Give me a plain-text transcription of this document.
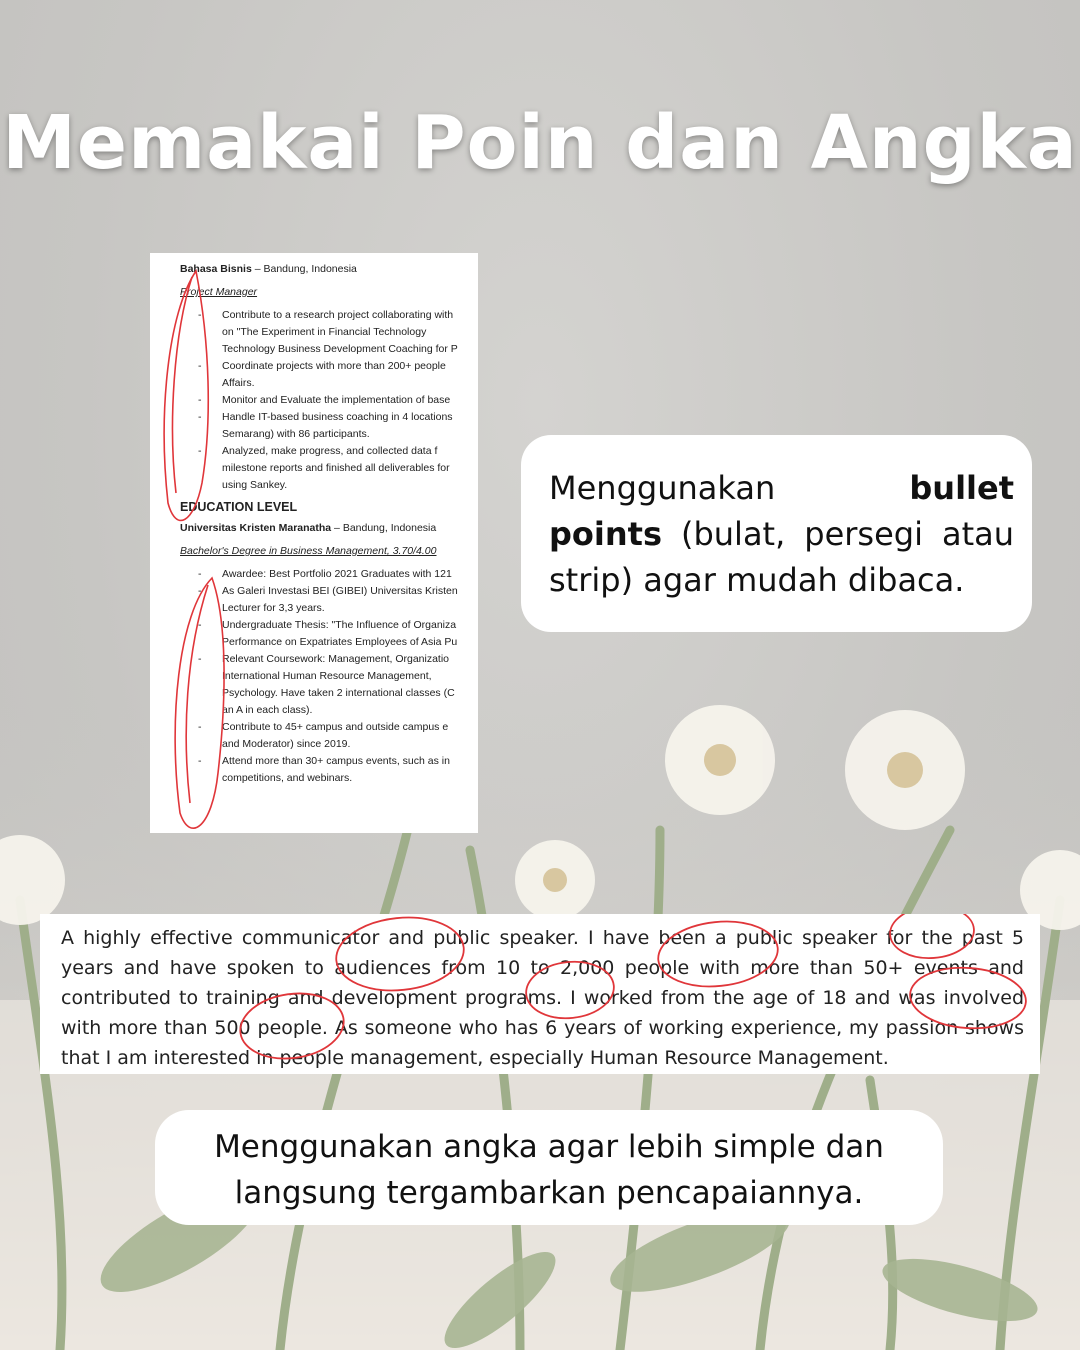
Memakai Poin dan Angka
Bahasa Bisnis – Bandung, Indonesia
Project Manager
-	Contribute to a research project collaborating with
on "The Experiment in Financial Technology
Technology Business Development Coaching for P
-	Coordinate projects with more than 200+ people
Affairs.
-	Monitor and Evaluate the implementation of base
-	Handle IT-based business coaching in 4 locations
Semarang) with 86 participants.
-	Analyzed, make progress, and collected data f
milestone reports and finished all deliverables for
using Sankey.
EDUCATION LEVEL
Universitas Kristen Maranatha – Bandung, Indonesia
Bachelor's Degree in Business Management, 3.70/4.00
-	Awardee: Best Portfolio 2021 Graduates with 121
-	As Galeri Investasi BEI (GIBEI) Universitas Kristen
Lecturer for 3,3 years.
-	Undergraduate Thesis: "The Influence of Organiza
Performance on Expatriates Employees of Asia Pu
-	Relevant Coursework: Management, Organizatio
International Human Resource Management,
Psychology. Have taken 2 international classes (C
an A in each class).
-	Contribute to 45+ campus and outside campus e
and Moderator) since 2019.
-	Attend more than 30+ campus events, such as in
competitions, and webinars.
Menggunakan bullet points (bulat, persegi atau strip) agar mudah dibaca.
A highly effective communicator and public speaker. I have been a public speaker for the past 5 years and have spoken to audiences from 10 to 2,000 people with more than 50+ events and contributed to training and development programs. I worked from the age of 18 and was involved with more than 500 people. As someone who has 6 years of working experience, my passion shows that I am interested in people management, especially Human Resource Management.
Menggunakan angka agar lebih simple dan
langsung tergambarkan pencapaiannya.
